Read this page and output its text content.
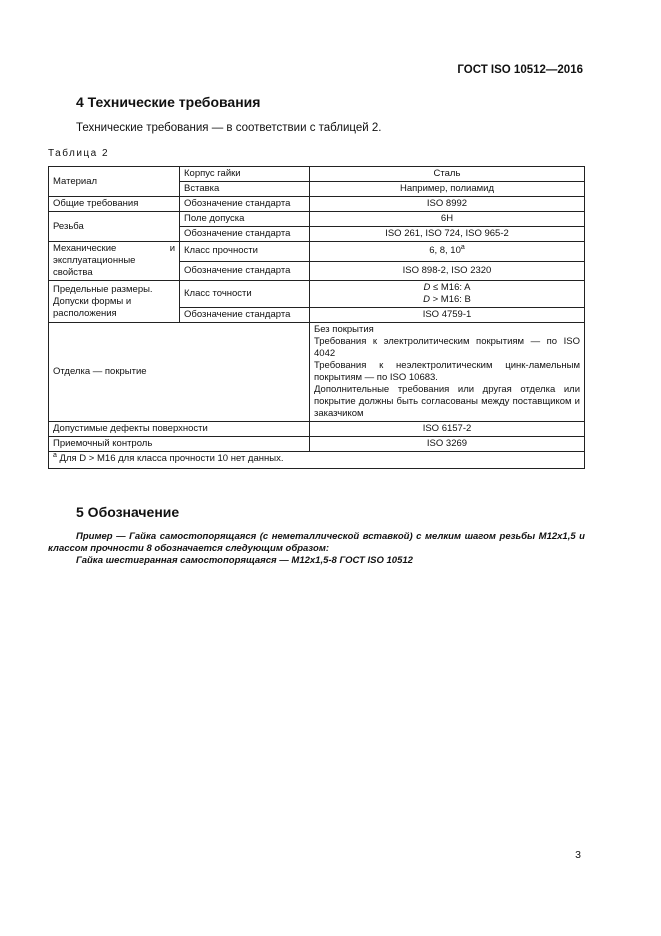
ГОСТ ISO 10512—2016
4 Технические требования
Технические требования — в соответствии с таблицей 2.
Таблица 2
Материал	Корпус гайки	Сталь
	Вставка	Например, полиамид
Общие требования	Обозначение стандарта	ISO 8992
Резьба	Поле допуска	6H
	Обозначение стандарта	ISO 261, ISO 724, ISO 965-2
Механические и эксплуатационные свойства	Класс прочности	6, 8, 10$^a$
	Обозначение стандарта	ISO 898-2, ISO 2320
Предельные размеры. Допуски формы и расположения	Класс точности	D ≤ M16: A
D > M16: B

	Обозначение стандарта	ISO 4759-1
Отделка — покрытие		Без покрытия
Требования к электролитическим покрытиям — по ISO 4042
Требования к неэлектролитическим цинк-ламельным покрытиям — по ISO 10683.
Дополнительные требования или другая отделка или покрытие должны быть согласованы между поставщиком и заказчиком
Допустимые дефекты поверхности		ISO 6157-2
Приемочный контроль		ISO 3269

$^a$ Для D > M16 для класса прочности 10 нет данных.		
5 Обозначение

Пример — Гайка самостопорящаяся (с неметаллической вставкой) с мелким шагом резьбы M12x1,5 и классом прочности 8 обозначается следующим образом:

Гайка шестигранная самостопорящаяся — M12x1,5-8 ГОСТ ISO 10512

3
